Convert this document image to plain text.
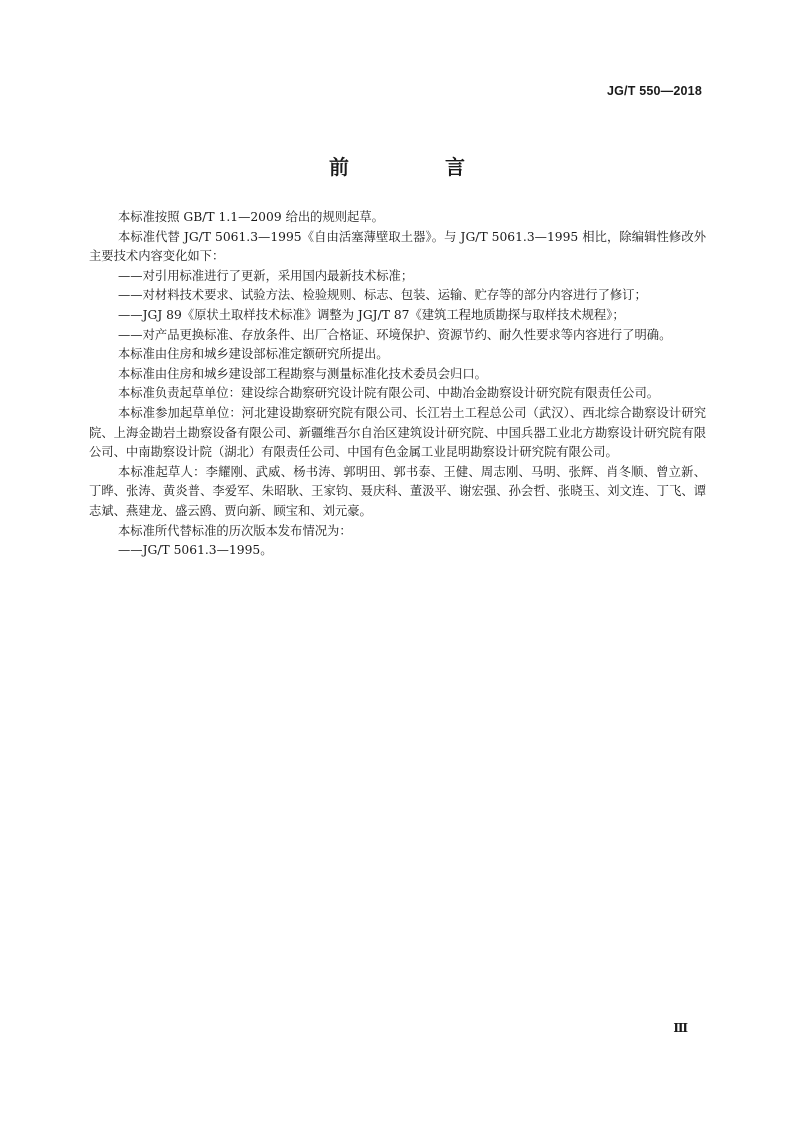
JG/T 550—2018
前　言

本标准按照 GB/T 1.1—2009 给出的规则起草。

本标准代替 JG/T 5061.3—1995《自由活塞薄壁取土器》。与 JG/T 5061.3—1995 相比，除编辑性修改外主要技术内容变化如下：

——对引用标准进行了更新，采用国内最新技术标准；

——对材料技术要求、试验方法、检验规则、标志、包装、运输、贮存等的部分内容进行了修订；

——JGJ 89《原状土取样技术标准》调整为 JGJ/T 87《建筑工程地质勘探与取样技术规程》；

——对产品更换标准、存放条件、出厂合格证、环境保护、资源节约、耐久性要求等内容进行了明确。

本标准由住房和城乡建设部标准定额研究所提出。

本标准由住房和城乡建设部工程勘察与测量标准化技术委员会归口。

本标准负责起草单位：建设综合勘察研究设计院有限公司、中勘冶金勘察设计研究院有限责任公司。

本标准参加起草单位：河北建设勘察研究院有限公司、长江岩土工程总公司（武汉）、西北综合勘察设计研究院、上海金勘岩土勘察设备有限公司、新疆维吾尔自治区建筑设计研究院、中国兵器工业北方勘察设计研究院有限公司、中南勘察设计院（湖北）有限责任公司、中国有色金属工业昆明勘察设计研究院有限公司。

本标准起草人：李耀刚、武威、杨书涛、郭明田、郭书泰、王健、周志刚、马明、张辉、肖冬顺、曾立新、丁晔、张涛、黄炎普、李爱军、朱昭耿、王家钧、聂庆科、董汲平、谢宏强、孙会哲、张晓玉、刘文连、丁飞、谭志斌、燕建龙、盛云鸥、贾向新、顾宝和、刘元豪。

本标准所代替标准的历次版本发布情况为：

——JG/T 5061.3—1995。

Ⅲ
